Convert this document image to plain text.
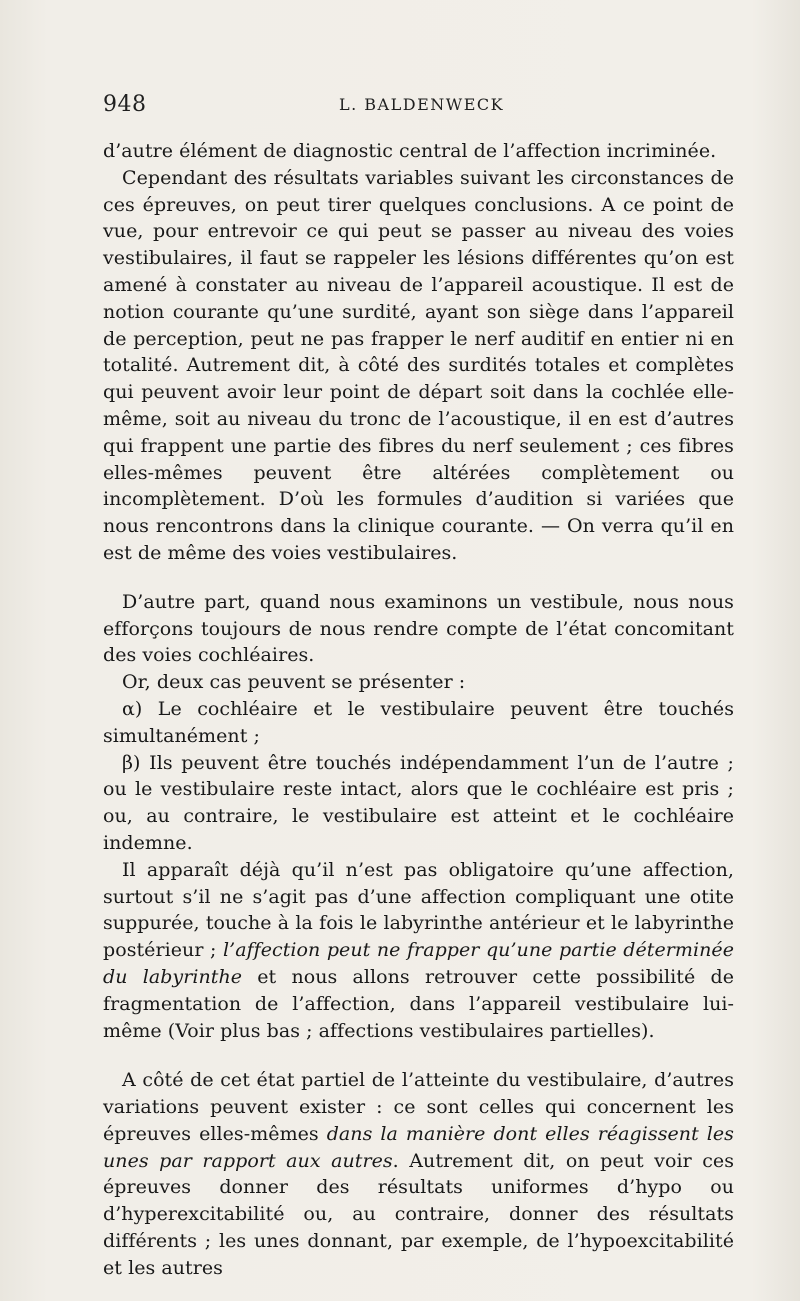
948	L. BALDENWECK

d’autre élément de diagnostic central de l’affection incriminée.

Cependant des résultats variables suivant les circonstances de ces épreuves, on peut tirer quelques conclusions. A ce point de vue, pour entrevoir ce qui peut se passer au niveau des voies vestibulaires, il faut se rappeler les lésions différentes qu’on est amené à constater au niveau de l’appareil acoustique. Il est de notion courante qu’une surdité, ayant son siège dans l’appareil de perception, peut ne pas frapper le nerf auditif en entier ni en totalité. Autrement dit, à côté des surdités totales et complètes qui peuvent avoir leur point de départ soit dans la cochlée elle-même, soit au niveau du tronc de l’acoustique, il en est d’autres qui frappent une partie des fibres du nerf seulement ; ces fibres elles-mêmes peuvent être altérées complètement ou incomplètement. D’où les formules d’audition si variées que nous rencontrons dans la clinique courante. — On verra qu’il en est de même des voies vestibulaires.

D’autre part, quand nous examinons un vestibule, nous nous efforçons toujours de nous rendre compte de l’état concomitant des voies cochléaires.

Or, deux cas peuvent se présenter :

α) Le cochléaire et le vestibulaire peuvent être touchés simultanément ;

β) Ils peuvent être touchés indépendamment l’un de l’autre ; ou le vestibulaire reste intact, alors que le cochléaire est pris ; ou, au contraire, le vestibulaire est atteint et le cochléaire indemne.

Il apparaît déjà qu’il n’est pas obligatoire qu’une affection, surtout s’il ne s’agit pas d’une affection compliquant une otite suppurée, touche à la fois le labyrinthe antérieur et le labyrinthe postérieur ; l’affection peut ne frapper qu’une partie déterminée du labyrinthe et nous allons retrouver cette possibilité de fragmentation de l’affection, dans l’appareil vestibulaire lui-même (Voir plus bas ; affections vestibulaires partielles).

A côté de cet état partiel de l’atteinte du vestibulaire, d’autres variations peuvent exister : ce sont celles qui concernent les épreuves elles-mêmes dans la manière dont elles réagissent les unes par rapport aux autres. Autrement dit, on peut voir ces épreuves donner des résultats uniformes d’hypo ou d’hyperexcitabilité ou, au contraire, donner des résultats différents ; les unes donnant, par exemple, de l’hypoexcitabilité et les autres
